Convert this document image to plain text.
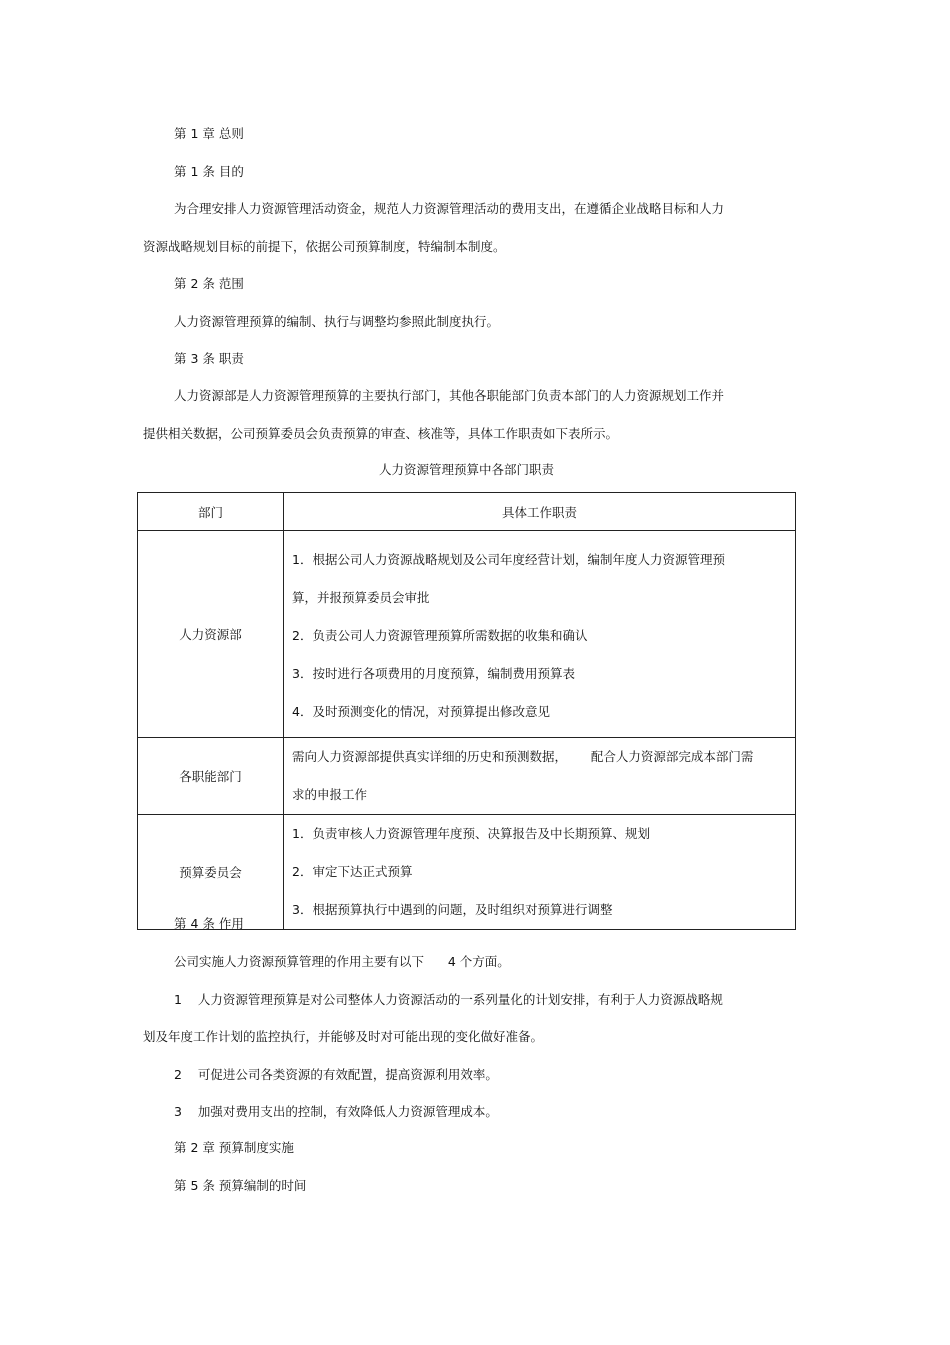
第 1 章 总则
第 1 条 目的
为合理安排人力资源管理活动资金，规范人力资源管理活动的费用支出，在遵循企业战略目标和人力
资源战略规划目标的前提下，依据公司预算制度，特编制本制度。
第 2 条 范围
人力资源管理预算的编制、执行与调整均参照此制度执行。
第 3 条 职责
人力资源部是人力资源管理预算的主要执行部门，其他各职能部门负责本部门的人力资源规划工作并
提供相关数据，公司预算委员会负责预算的审查、核准等，具体工作职责如下表所示。
人力资源管理预算中各部门职责
部门	具体工作职责
人力资源部	1．根据公司人力资源战略规划及公司年度经营计划，编制年度人力资源管理预
算，并报预算委员会审批
2．负责公司人力资源管理预算所需数据的收集和确认
3．按时进行各项费用的月度预算，编制费用预算表
4．及时预测变化的情况，对预算提出修改意见

各职能部门	需向人力资源部提供真实详细的历史和预测数据，      配合人力资源部完成本部门需
求的申报工作

预算委员会	1．负责审核人力资源管理年度预、决算报告及中长期预算、规划
2．审定下达正式预算
3．根据预算执行中遇到的问题，及时组织对预算进行调整
第 4 条 作用
公司实施人力资源预算管理的作用主要有以下      4 个方面。
1    人力资源管理预算是对公司整体人力资源活动的一系列量化的计划安排，有利于人力资源战略规
划及年度工作计划的监控执行，并能够及时对可能出现的变化做好准备。
2    可促进公司各类资源的有效配置，提高资源利用效率。
3    加强对费用支出的控制，有效降低人力资源管理成本。
第 2 章 预算制度实施
第 5 条 预算编制的时间
